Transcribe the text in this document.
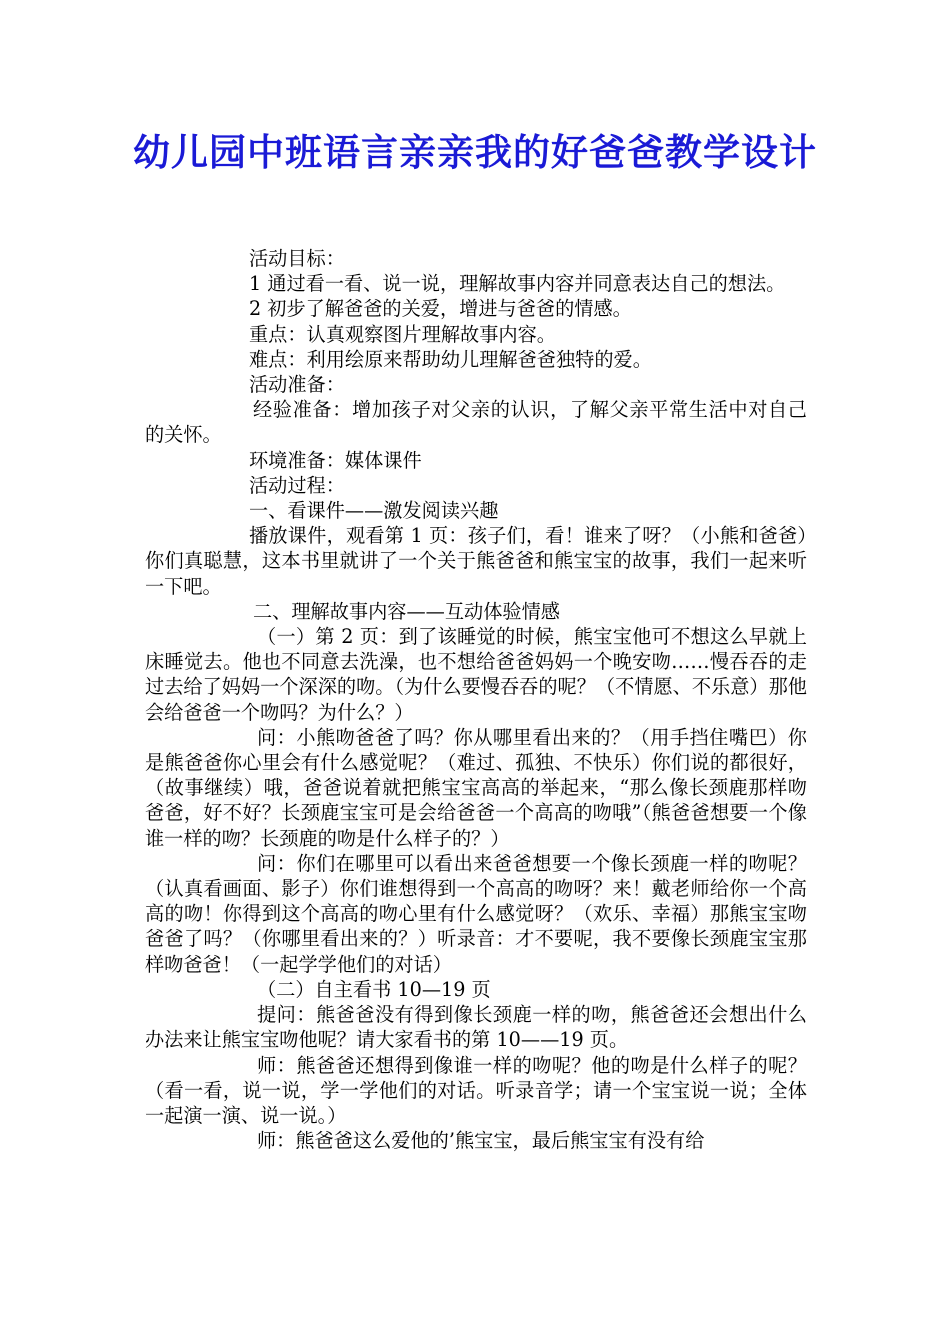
幼儿园中班语言亲亲我的好爸爸教学设计

活动目标：

1 通过看一看、说一说，理解故事内容并同意表达自己的想法。

2 初步了解爸爸的关爱，增进与爸爸的情感。

重点：认真观察图片理解故事内容。

难点：利用绘原来帮助幼儿理解爸爸独特的爱。

活动准备：

经验准备：增加孩子对父亲的认识，了解父亲平常生活中对自己的关怀。

环境准备：媒体课件

活动过程：

一、看课件——激发阅读兴趣

播放课件，观看第 1 页：孩子们，看！谁来了呀？（小熊和爸爸）你们真聪慧，这本书里就讲了一个关于熊爸爸和熊宝宝的故事，我们一起来听一下吧。

二、理解故事内容——互动体验情感

（一）第 2 页：到了该睡觉的时候，熊宝宝他可不想这么早就上床睡觉去。他也不同意去洗澡，也不想给爸爸妈妈一个晚安吻……慢吞吞的走过去给了妈妈一个深深的吻。（为什么要慢吞吞的呢？（不情愿、不乐意）那他会给爸爸一个吻吗？为什么？）

问：小熊吻爸爸了吗？你从哪里看出来的？（用手挡住嘴巴）你是熊爸爸你心里会有什么感觉呢？（难过、孤独、不快乐）你们说的都很好，（故事继续）哦，爸爸说着就把熊宝宝高高的举起来，“那么像长颈鹿那样吻爸爸，好不好？长颈鹿宝宝可是会给爸爸一个高高的吻哦”（熊爸爸想要一个像谁一样的吻？长颈鹿的吻是什么样子的？）

问：你们在哪里可以看出来爸爸想要一个像长颈鹿一样的吻呢？（认真看画面、影子）你们谁想得到一个高高的吻呀？来！戴老师给你一个高高的吻！你得到这个高高的吻心里有什么感觉呀？（欢乐、幸福）那熊宝宝吻爸爸了吗？（你哪里看出来的？）听录音：才不要呢，我不要像长颈鹿宝宝那样吻爸爸！（一起学学他们的对话）

（二）自主看书 10—19 页

提问：熊爸爸没有得到像长颈鹿一样的吻，熊爸爸还会想出什么办法来让熊宝宝吻他呢？请大家看书的第 10——19 页。

师：熊爸爸还想得到像谁一样的吻呢？他的吻是什么样子的呢？（看一看，说一说，学一学他们的对话。听录音学；请一个宝宝说一说；全体一起演一演、说一说。）

师：熊爸爸这么爱他的’熊宝宝，最后熊宝宝有没有给
